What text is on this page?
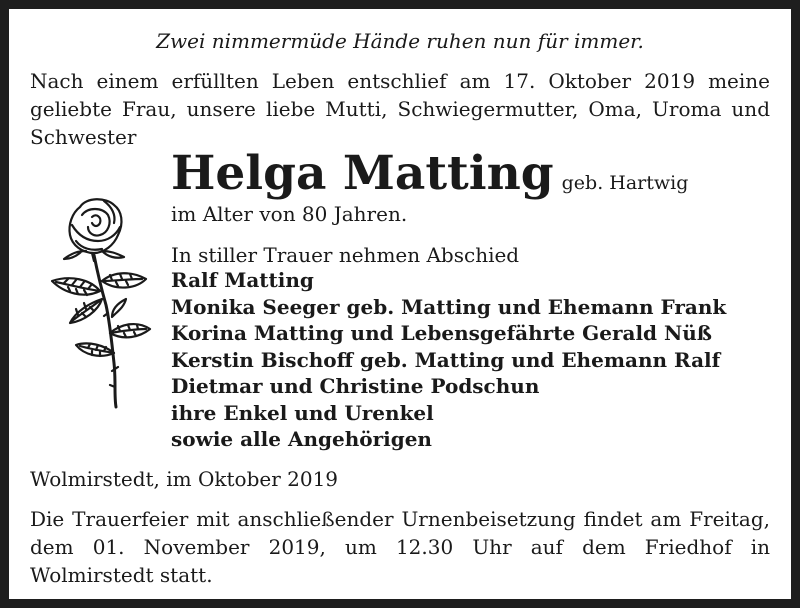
Zwei nimmermüde Hände ruhen nun für immer.
Nach einem erfüllten Leben entschlief am 17. Oktober 2019 meine geliebte Frau, unsere liebe Mutti, Schwiegermutter, Oma, Uroma und Schwester
Helga Matting geb. Hartwig
im Alter von 80 Jahren.
In stiller Trauer nehmen Abschied
Ralf Matting
Monika Seeger geb. Matting und Ehemann Frank
Korina Matting und Lebensgefährte Gerald Nüß
Kerstin Bischoff geb. Matting und Ehemann Ralf
Dietmar und Christine Podschun
ihre Enkel und Urenkel
sowie alle Angehörigen
Wolmirstedt, im Oktober 2019
Die Trauerfeier mit anschließender Urnenbeisetzung findet am Freitag, dem 01. November 2019, um 12.30 Uhr auf dem Friedhof in Wolmirstedt statt.
